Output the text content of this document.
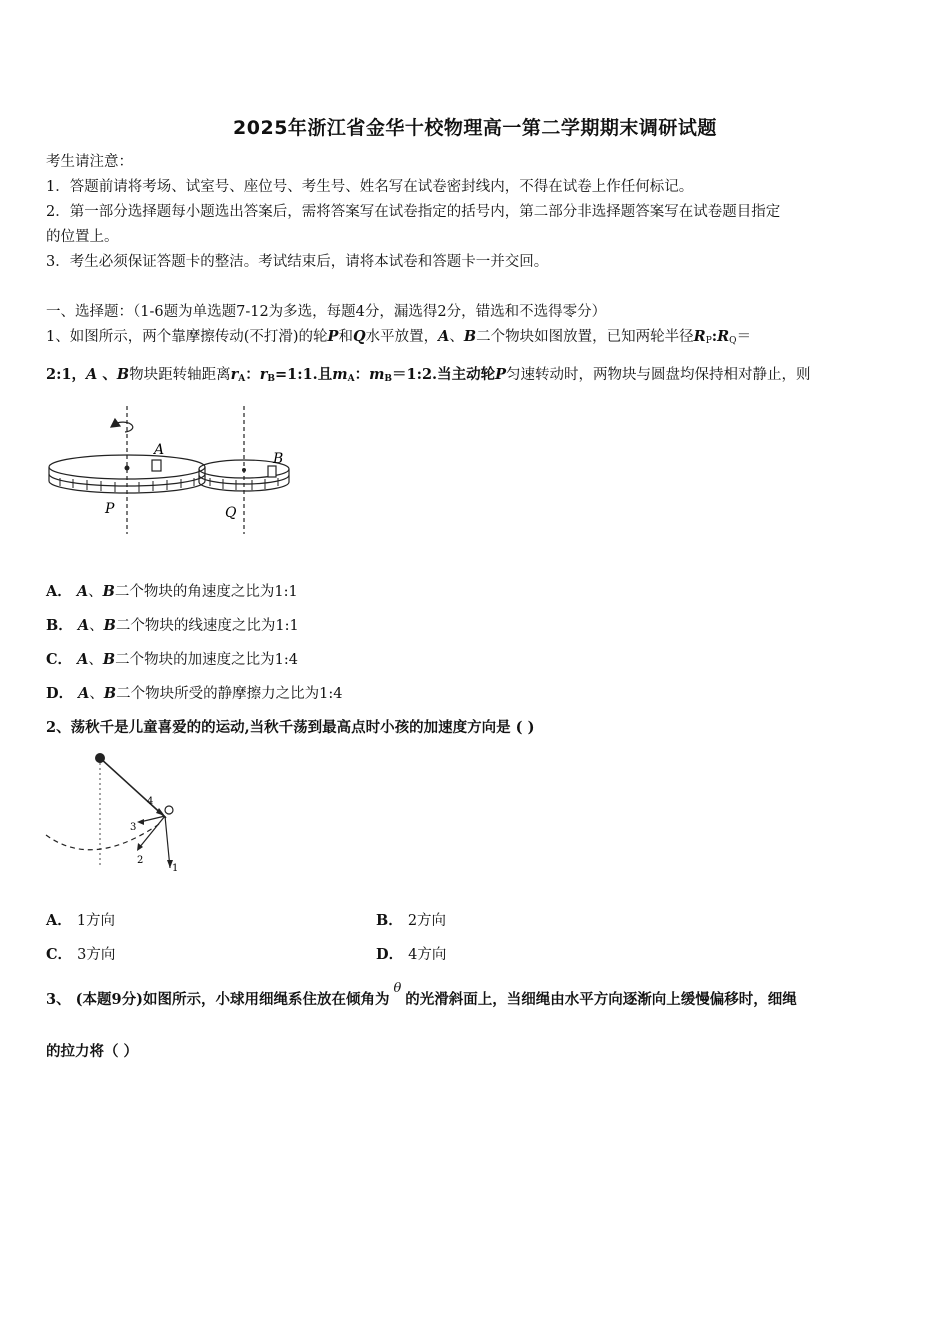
2025年浙江省金华十校物理高一第二学期期末调研试题
考生请注意：
1．答题前请将考场、试室号、座位号、考生号、姓名写在试卷密封线内，不得在试卷上作任何标记。
2．第一部分选择题每小题选出答案后，需将答案写在试卷指定的括号内，第二部分非选择题答案写在试卷题目指定
的位置上。
3．考生必须保证答题卡的整洁。考试结束后，请将本试卷和答题卡一并交回。
一、选择题：（1-6题为单选题7-12为多选，每题4分，漏选得2分，错选和不选得零分）
1、如图所示，两个靠摩擦传动(不打滑)的轮P和Q水平放置，A、B二个物块如图放置，已知两轮半径$R_P:R_Q=$
2:1，A 、B物块距转轴距离$r_A$：$r_B=1:1$.且$m_A$：$m_B=1:2$.当主动轮P匀速转动时，两物块与圆盘均保持相对静止，则
A
B
P	Q
A． A、B二个物块的角速度之比为1:1
B． A、B二个物块的线速度之比为1:1
C． A、B二个物块的加速度之比为1:4
D． A、B二个物块所受的静摩擦力之比为1:4
2、荡秋千是儿童喜爱的的运动,当秋千荡到最高点时小孩的加速度方向是 ( )
1
2
3
4
A． 1方向	B． 2方向
C． 3方向	D． 4方向
3、 (本题9分)如图所示，小球用细绳系住放在倾角为θ的光滑斜面上，当细绳由水平方向逐渐向上缓慢偏移时，细绳
的拉力将（ ）
